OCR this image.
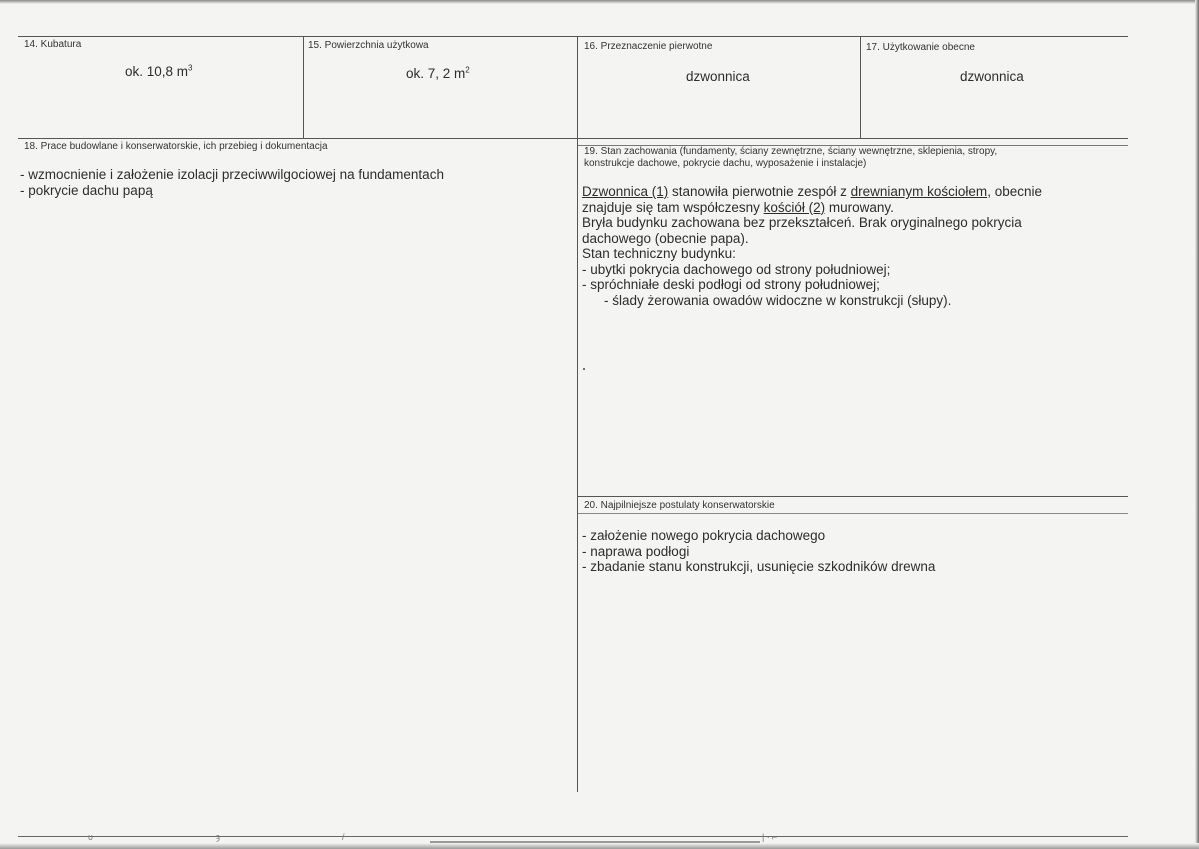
14. Kubatura
ok. 10,8 $m^3$
15. Powierzchnia użytkowa
ok. 7, 2 $m^2$
16. Przeznaczenie pierwotne
dzwonnica
17. Użytkowanie obecne
dzwonnica
18. Prace budowlane i konserwatorskie, ich przebieg i dokumentacja
- wzmocnienie i założenie izolacji przeciwwilgociowej na fundamentach
- pokrycie dachu papą
19. Stan zachowania (fundamenty, ściany zewnętrzne, ściany wewnętrzne, sklepienia, stropy,
konstrukcje dachowe, pokrycie dachu, wyposażenie i instalacje)
Dzwonnica (1) stanowiła pierwotnie zespół z drewnianym kościołem, obecnie
znajduje się tam współczesny kościół (2) murowany.
Bryła budynku zachowana bez przekształceń. Brak oryginalnego pokrycia
dachowego (obecnie papa).
Stan techniczny budynku:
- ubytki pokrycia dachowego od strony południowej;
- spróchniałe deski podłogi od strony południowej;
- ślady żerowania owadów widoczne w konstrukcji (słupy).
20. Najpilniejsze postulaty konserwatorskie
- założenie nowego pokrycia dachowego
- naprawa podłogi
- zbadanie stanu konstrukcji, usunięcie szkodników drewna
υ	ȝ	/	| ∙ ⌐
